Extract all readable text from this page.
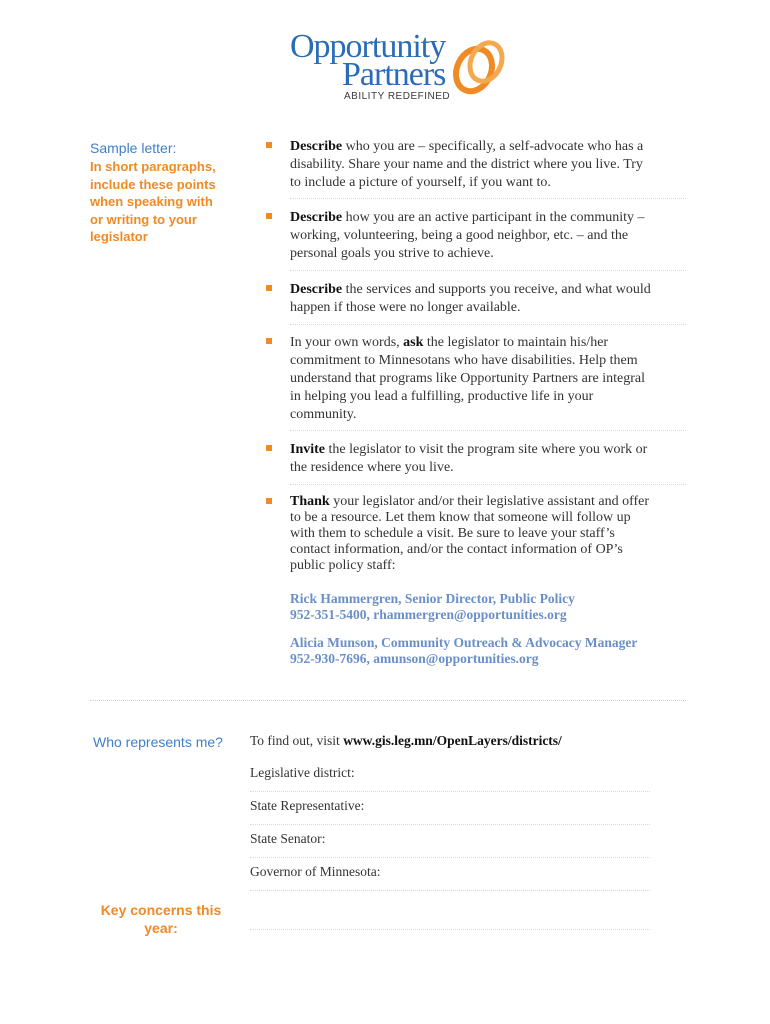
Opportunity
Partners
ABILITY REDEFINED
Sample letter:
In short paragraphs,
include these points
when speaking with
or writing to your
legislator
Describe who you are – specifically, a self-advocate who has a
disability. Share your name and the district where you live. Try
to include a picture of yourself, if you want to.
Describe how you are an active participant in the community –
working, volunteering, being a good neighbor, etc. – and the
personal goals you strive to achieve.
Describe the services and supports you receive, and what would
happen if those were no longer available.
In your own words, ask the legislator to maintain his/her
commitment to Minnesotans who have disabilities. Help them
understand that programs like Opportunity Partners are integral
in helping you lead a fulfilling, productive life in your
community.
Invite the legislator to visit the program site where you work or
the residence where you live.
Thank your legislator and/or their legislative assistant and offer
to be a resource. Let them know that someone will follow up
with them to schedule a visit. Be sure to leave your staff’s
contact information, and/or the contact information of OP’s
public policy staff:
Rick Hammergren, Senior Director, Public Policy
952-351-5400, rhammergren@opportunities.org
Alicia Munson, Community Outreach & Advocacy Manager
952-930-7696, amunson@opportunities.org
Who represents me? To find out, visit www.gis.leg.mn/OpenLayers/districts/
Legislative district:
State Representative:
State Senator:
Governor of Minnesota:
Key concerns this
year:
